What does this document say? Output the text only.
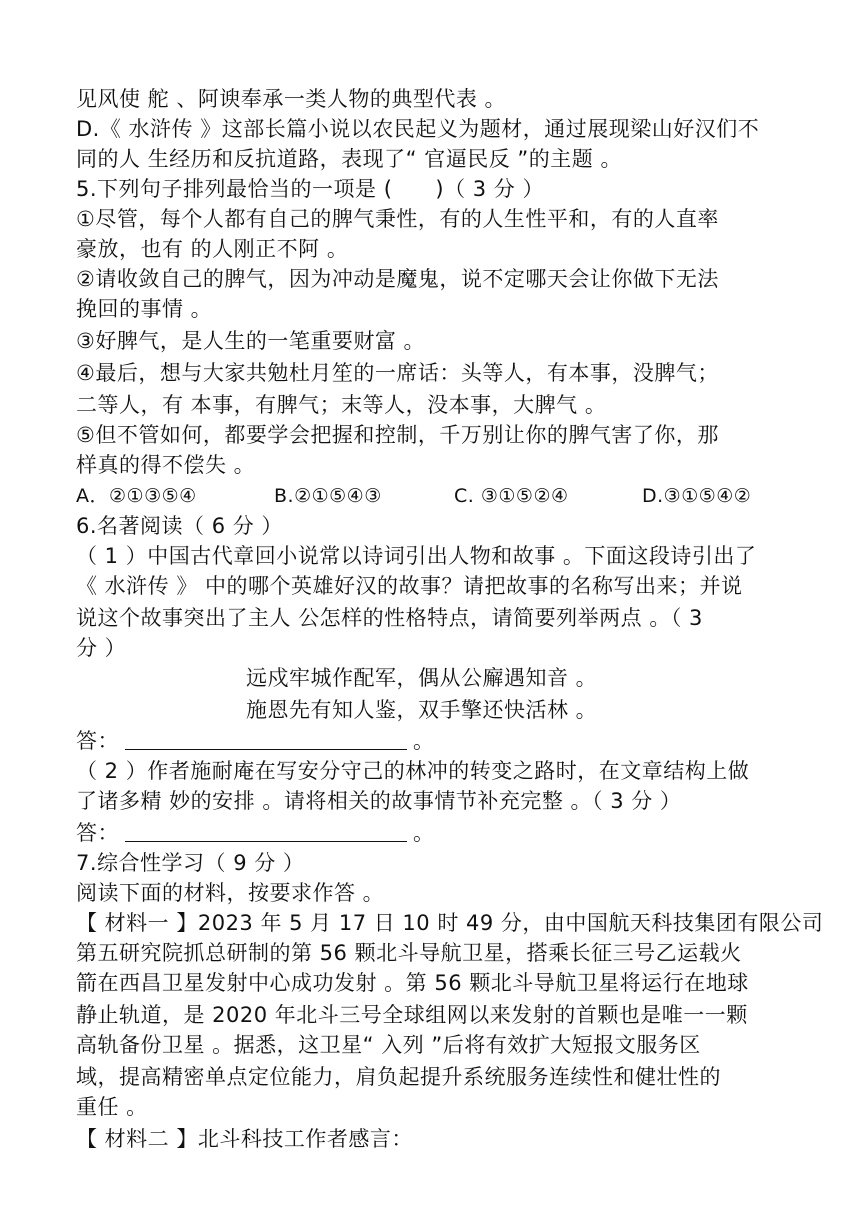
见风使 舵 、阿谀奉承一类人物的典型代表 。
D.《 水浒传 》这部长篇小说以农民起义为题材，通过展现梁山好汉们不
同的人 生经历和反抗道路，表现了“ 官逼民反 ”的主题 。
5.下列句子排列最恰当的一项是 (　　)（ 3 分 ）
①尽管，每个人都有自己的脾气秉性，有的人生性平和，有的人直率
豪放，也有 的人刚正不阿 。
②请收敛自己的脾气，因为冲动是魔鬼，说不定哪天会让你做下无法
挽回的事情 。
③好脾气，是人生的一笔重要财富 。
④最后，想与大家共勉杜月笙的一席话：头等人，有本事，没脾气；
二等人，有 本事，有脾气；末等人，没本事，大脾气 。
⑤但不管如何，都要学会把握和控制，千万别让你的脾气害了你，那
样真的得不偿失 。
A．②①③⑤④	B.②①⑤④③	C. ③①⑤②④	D.③①⑤④②
6.名著阅读（ 6 分 ）
（ 1 ）中国古代章回小说常以诗词引出人物和故事 。下面这段诗引出了
《 水浒传 》 中的哪个英雄好汉的故事？请把故事的名称写出来；并说
说这个故事突出了主人 公怎样的性格特点，请简要列举两点 。（ 3
分 ）
远戍牢城作配军，偶从公廨遇知音 。
施恩先有知人鉴，双手擎还快活林 。
答：	。
（ 2 ）作者施耐庵在写安分守己的林冲的转变之路时，在文章结构上做
了诸多精 妙的安排 。请将相关的故事情节补充完整 。（ 3 分 ）
答：	。
7.综合性学习（ 9 分 ）
阅读下面的材料，按要求作答 。
【 材料一 】2023 年 5 月 17 日 10 时 49 分，由中国航天科技集团有限公司
第五研究院抓总研制的第 56 颗北斗导航卫星，搭乘长征三号乙运载火
箭在西昌卫星发射中心成功发射 。第 56 颗北斗导航卫星将运行在地球
静止轨道，是 2020 年北斗三号全球组网以来发射的首颗也是唯一一颗
高轨备份卫星 。据悉，这卫星“ 入列 ”后将有效扩大短报文服务区
域，提高精密单点定位能力，肩负起提升系统服务连续性和健壮性的
重任 。
【 材料二 】北斗科技工作者感言：
